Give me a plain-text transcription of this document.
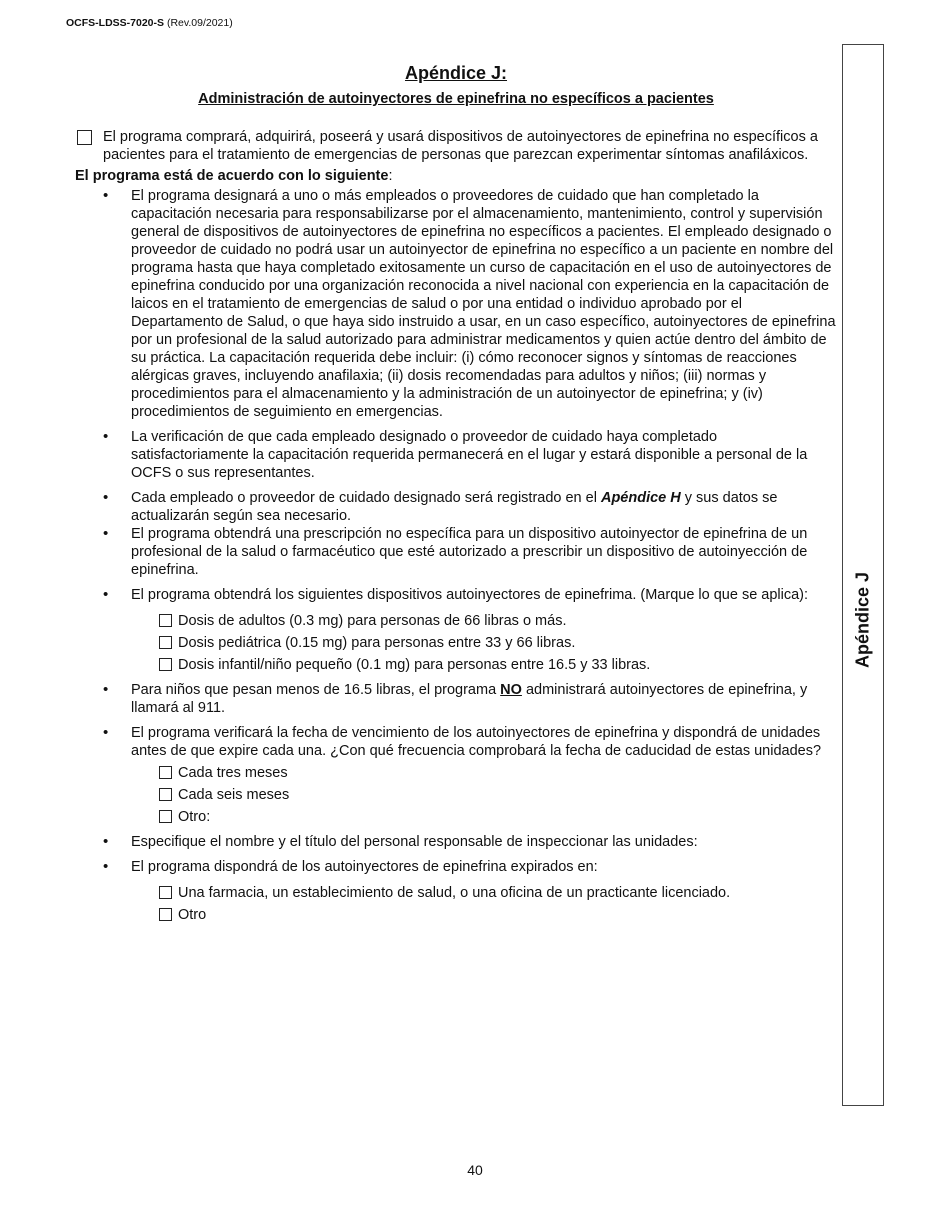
OCFS-LDSS-7020-S (Rev.09/2021)
Apéndice J
Apéndice J:
Administración de autoinyectores de epinefrina no específicos a pacientes
El programa comprará, adquirirá, poseerá y usará dispositivos de autoinyectores de epinefrina no específicos a pacientes para el tratamiento de emergencias de personas que parezcan experimentar síntomas anafiláxicos.
El programa está de acuerdo con lo siguiente:
• El programa designará a uno o más empleados o proveedores de cuidado que han completado la capacitación necesaria para responsabilizarse por el almacenamiento, mantenimiento, control y supervisión general de dispositivos de autoinyectores de epinefrina no específicos a pacientes. El empleado designado o proveedor de cuidado no podrá usar un autoinyector de epinefrina no específico a un paciente en nombre del programa hasta que haya completado exitosamente un curso de capacitación en el uso de autoinyectores de epinefrina conducido por una organización reconocida a nivel nacional con experiencia en la capacitación de laicos en el tratamiento de emergencias de salud o por una entidad o individuo aprobado por el Departamento de Salud, o que haya sido instruido a usar, en un caso específico, autoinyectores de epinefrina por un profesional de la salud autorizado para administrar medicamentos y quien actúe dentro del ámbito de su práctica. La capacitación requerida debe incluir: (i) cómo reconocer signos y síntomas de reacciones alérgicas graves, incluyendo anafilaxia; (ii) dosis recomendadas para adultos y niños; (iii) normas y procedimientos para el almacenamiento y la administración de un autoinyector de epinefrina; y (iv) procedimientos de seguimiento en emergencias.
• La verificación de que cada empleado designado o proveedor de cuidado haya completado satisfactoriamente la capacitación requerida permanecerá en el lugar y estará disponible a personal de la OCFS o sus representantes.
• Cada empleado o proveedor de cuidado designado será registrado en el Apéndice H y sus datos se actualizarán según sea necesario.
• El programa obtendrá una prescripción no específica para un dispositivo autoinyector de epinefrina de un profesional de la salud o farmacéutico que esté autorizado a prescribir un dispositivo de autoinyección de epinefrina.
• El programa obtendrá los siguientes dispositivos autoinyectores de epinefrima. (Marque lo que se aplica):
Dosis de adultos (0.3 mg) para personas de 66 libras o más.
Dosis pediátrica (0.15 mg) para personas entre 33 y 66 libras.
Dosis infantil/niño pequeño (0.1 mg) para personas entre 16.5 y 33 libras.
• Para niños que pesan menos de 16.5 libras, el programa NO administrará autoinyectores de epinefrina, y llamará al 911.
• El programa verificará la fecha de vencimiento de los autoinyectores de epinefrina y dispondrá de unidades antes de que expire cada una. ¿Con qué frecuencia comprobará la fecha de caducidad de estas unidades?
Cada tres meses
Cada seis meses
Otro:
• Especifique el nombre y el título del personal responsable de inspeccionar las unidades:
• El programa dispondrá de los autoinyectores de epinefrina expirados en:
Una farmacia, un establecimiento de salud, o una oficina de un practicante licenciado.
Otro
40
